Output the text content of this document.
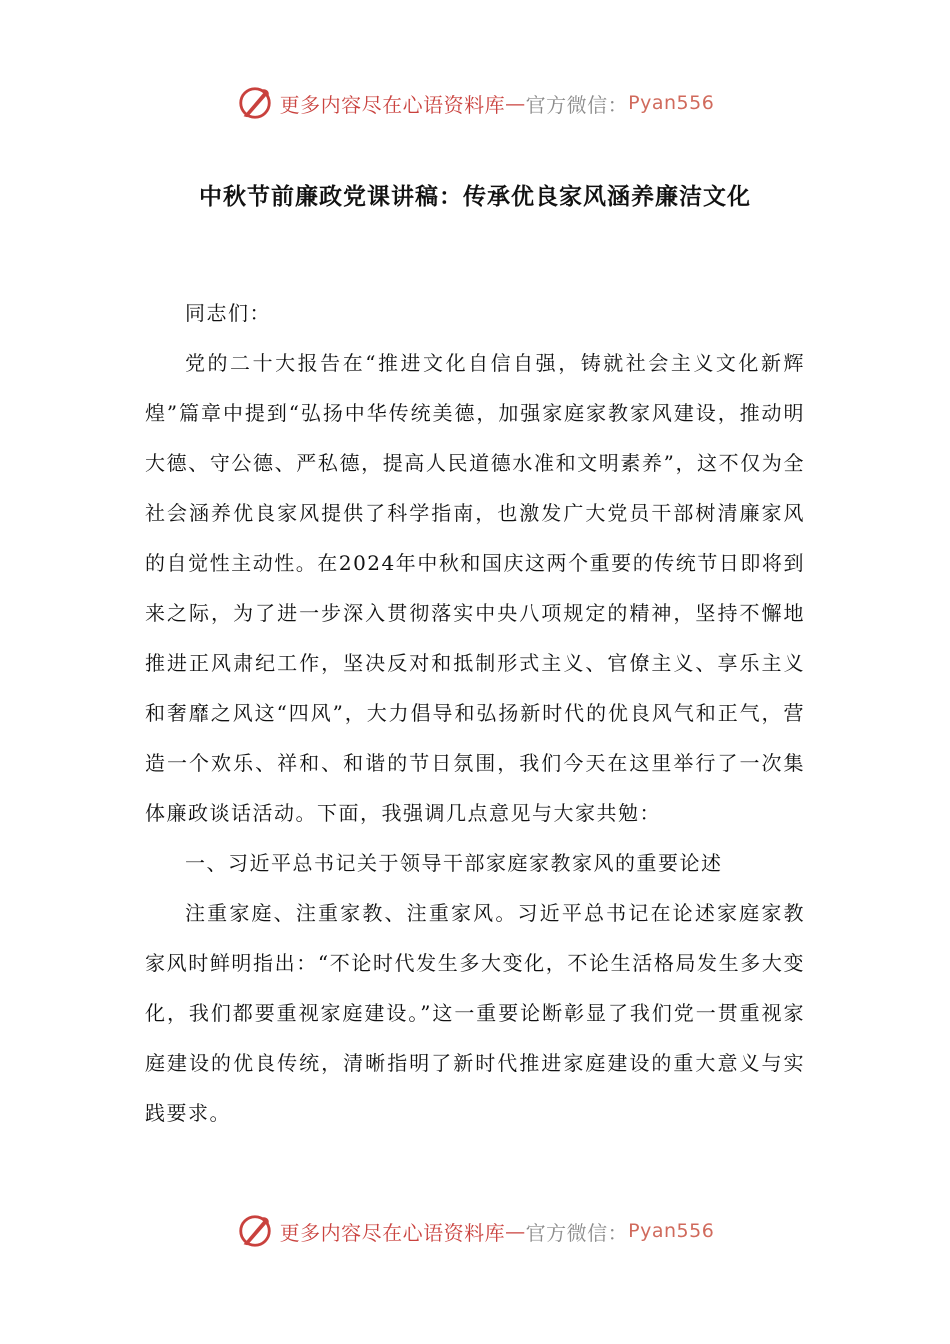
更多内容尽在心语资料库 — 官方微信： Pyan556
中秋节前廉政党课讲稿：传承优良家风涵养廉洁文化

同志们：

党的二十大报告在“推进文化自信自强，铸就社会主义文化新辉煌”篇章中提到“弘扬中华传统美德，加强家庭家教家风建设，推动明大德、守公德、严私德，提高人民道德水准和文明素养”，这不仅为全社会涵养优良家风提供了科学指南，也激发广大党员干部树清廉家风的自觉性主动性。在2024年中秋和国庆这两个重要的传统节日即将到来之际，为了进一步深入贯彻落实中央八项规定的精神，坚持不懈地推进正风肃纪工作，坚决反对和抵制形式主义、官僚主义、享乐主义和奢靡之风这“四风”，大力倡导和弘扬新时代的优良风气和正气，营造一个欢乐、祥和、和谐的节日氛围，我们今天在这里举行了一次集体廉政谈话活动。下面，我强调几点意见与大家共勉：

一、习近平总书记关于领导干部家庭家教家风的重要论述

注重家庭、注重家教、注重家风。习近平总书记在论述家庭家教家风时鲜明指出：“不论时代发生多大变化，不论生活格局发生多大变化，我们都要重视家庭建设。”这一重要论断彰显了我们党一贯重视家庭建设的优良传统，清晰指明了新时代推进家庭建设的重大意义与实践要求。

更多内容尽在心语资料库 — 官方微信： Pyan556
